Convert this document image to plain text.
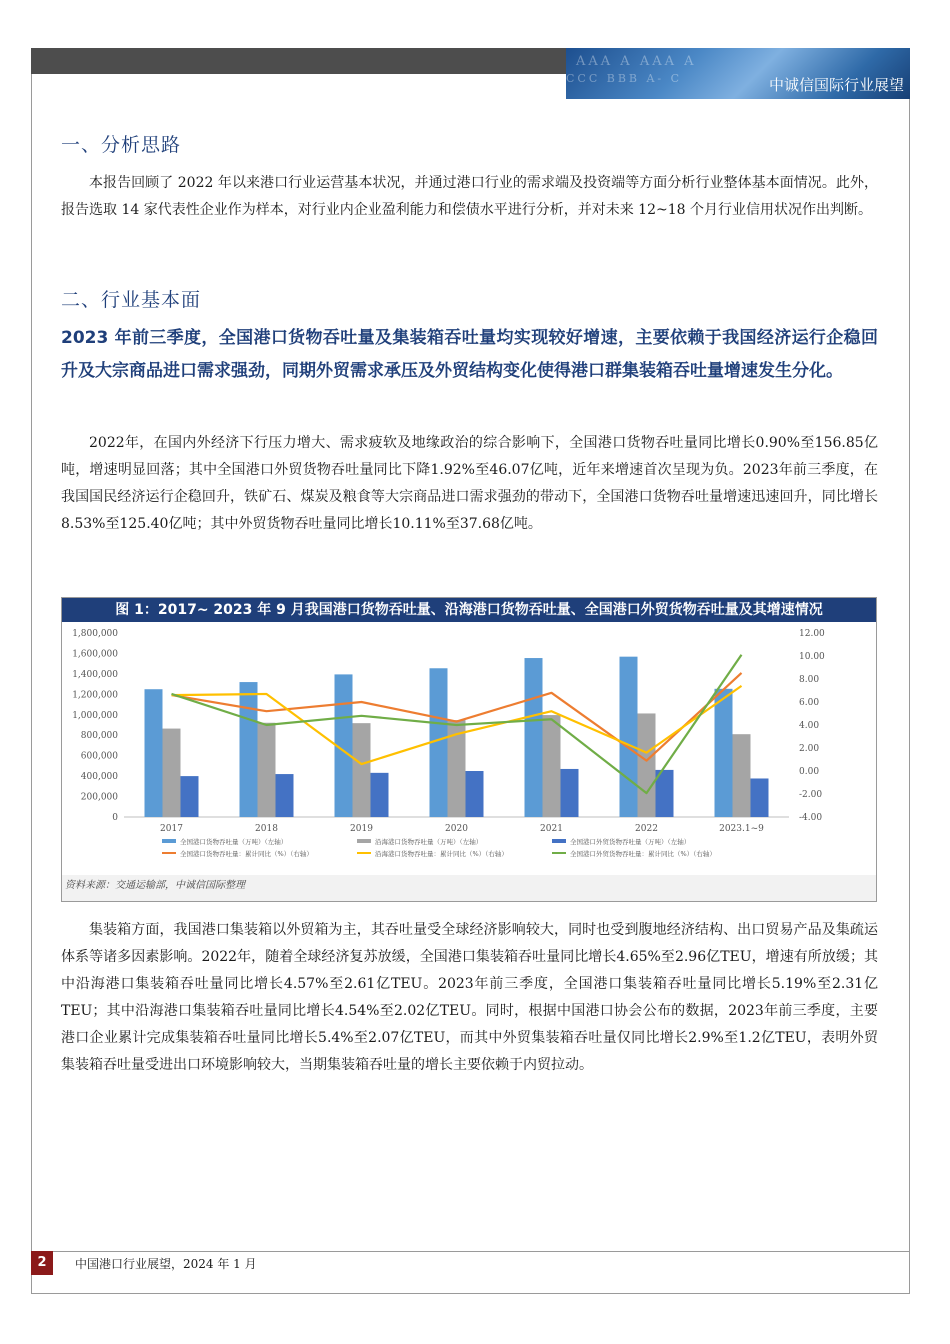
AAA A AAA A
CCC BBB A- C	中诚信国际行业展望
一、分析思路

本报告回顾了 2022 年以来港口行业运营基本状况，并通过港口行业的需求端及投资端等方面分析行业整体基本面情况。此外，报告选取 14 家代表性企业作为样本，对行业内企业盈利能力和偿债水平进行分析，并对未来 12~18 个月行业信用状况作出判断。

二、行业基本面

2023 年前三季度，全国港口货物吞吐量及集装箱吞吐量均实现较好增速，主要依赖于我国经济运行企稳回升及大宗商品进口需求强劲，同期外贸需求承压及外贸结构变化使得港口群集装箱吞吐量增速发生分化。

2022年，在国内外经济下行压力增大、需求疲软及地缘政治的综合影响下，全国港口货物吞吐量同比增长0.90%至156.85亿吨，增速明显回落；其中全国港口外贸货物吞吐量同比下降1.92%至46.07亿吨，近年来增速首次呈现为负。2023年前三季度，在我国国民经济运行企稳回升，铁矿石、煤炭及粮食等大宗商品进口需求强劲的带动下，全国港口货物吞吐量增速迅速回升，同比增长8.53%至125.40亿吨；其中外贸货物吞吐量同比增长10.11%至37.68亿吨。

图 1：2017~ 2023 年 9 月我国港口货物吞吐量、沿海港口货物吞吐量、全国港口外贸货物吞吐量及其增速情况
0
200,000
400,000
600,000
800,000
1,000,000
1,200,000
1,400,000
1,600,000
1,800,000
-4.00
-2.00
0.00
2.00
4.00
6.00
8.00
10.00
12.00
2017	2018	2019	2020	2021	2022	2023.1~9
全国港口货物吞吐量（万吨）（左轴）	沿海港口货物吞吐量（万吨）（左轴）	全国港口外贸货物吞吐量（万吨）（左轴）
全国港口货物吞吐量：累计同比（%）（右轴）	沿海港口货物吞吐量：累计同比（%）（右轴）	全国港口外贸货物吞吐量：累计同比（%）（右轴）
资料来源：交通运输部，中诚信国际整理

集装箱方面，我国港口集装箱以外贸箱为主，其吞吐量受全球经济影响较大，同时也受到腹地经济结构、出口贸易产品及集疏运体系等诸多因素影响。2022年，随着全球经济复苏放缓，全国港口集装箱吞吐量同比增长4.65%至2.96亿TEU，增速有所放缓；其中沿海港口集装箱吞吐量同比增长4.57%至2.61亿TEU。2023年前三季度，全国港口集装箱吞吐量同比增长5.19%至2.31亿TEU；其中沿海港口集装箱吞吐量同比增长4.54%至2.02亿TEU。同时，根据中国港口协会公布的数据，2023年前三季度，主要港口企业累计完成集装箱吞吐量同比增长5.4%至2.07亿TEU，而其中外贸集装箱吞吐量仅同比增长2.9%至1.2亿TEU，表明外贸集装箱吞吐量受进出口环境影响较大，当期集装箱吞吐量的增长主要依赖于内贸拉动。

2	中国港口行业展望，2024 年 1 月
